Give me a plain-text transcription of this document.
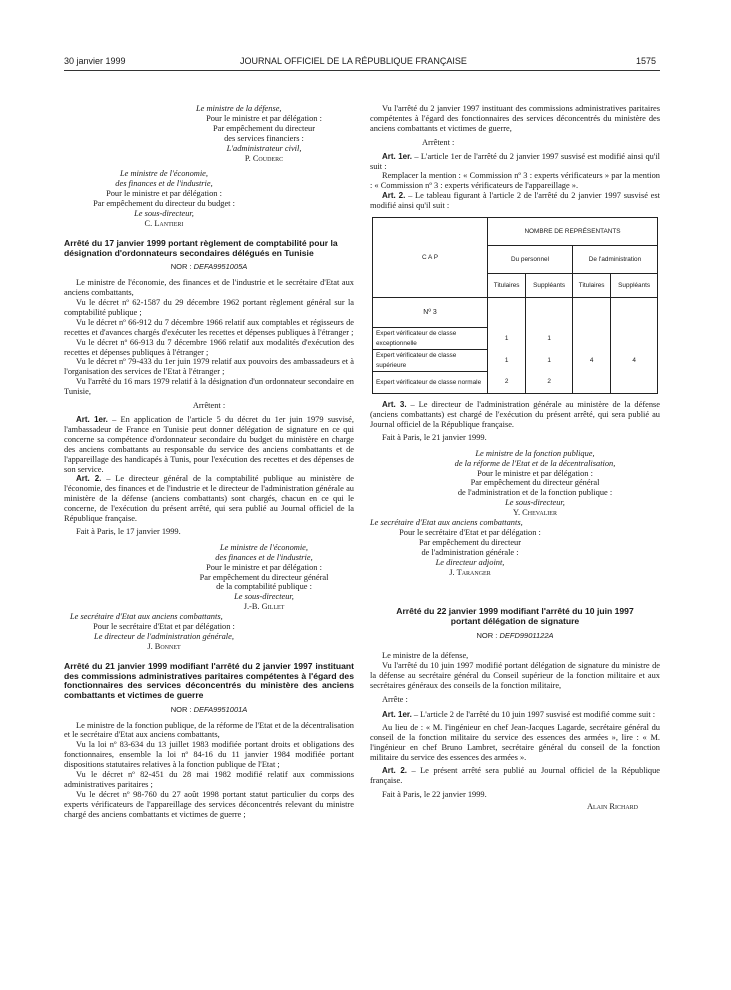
30 janvier 1999	JOURNAL OFFICIEL DE LA RÉPUBLIQUE FRANÇAISE	1575

Le ministre de la défense,

Pour le ministre et par délégation :

Par empêchement du directeur

des services financiers :

L'administrateur civil,

P. Couderc

Le ministre de l'économie,

des finances et de l'industrie,

Pour le ministre et par délégation :

Par empêchement du directeur du budget :

Le sous-directeur,

C. Lantieri

Arrêté du 17 janvier 1999 portant règlement de comptabilité pour la désignation d'ordonnateurs secondaires délégués en Tunisie

NOR : DEFA9951005A

Le ministre de l'économie, des finances et de l'industrie et le secrétaire d'Etat aux anciens combattants,

Vu le décret nº 62-1587 du 29 décembre 1962 portant règlement général sur la comptabilité publique ;

Vu le décret nº 66-912 du 7 décembre 1966 relatif aux comptables et régisseurs de recettes et d'avances chargés d'exécuter les recettes et dépenses publiques à l'étranger ;

Vu le décret nº 66-913 du 7 décembre 1966 relatif aux modalités d'exécution des recettes et dépenses publiques à l'étranger ;

Vu le décret nº 79-433 du 1er juin 1979 relatif aux pouvoirs des ambassadeurs et à l'organisation des services de l'Etat à l'étranger ;

Vu l'arrêté du 16 mars 1979 relatif à la désignation d'un ordonnateur secondaire en Tunisie,

Arrêtent :

Art. 1er. – En application de l'article 5 du décret du 1er juin 1979 susvisé, l'ambassadeur de France en Tunisie peut donner délégation de signature en ce qui concerne sa compétence d'ordonnateur secondaire du budget du ministère en charge des anciens combattants au responsable du service des anciens combattants et de l'appareillage des handicapés à Tunis, pour l'exécution des recettes et des dépenses de son service.

Art. 2. – Le directeur général de la comptabilité publique au ministère de l'économie, des finances et de l'industrie et le directeur de l'administration générale au ministère de la défense (anciens combattants) sont chargés, chacun en ce qui le concerne, de l'exécution du présent arrêté, qui sera publié au Journal officiel de la République française.

Fait à Paris, le 17 janvier 1999.

Le ministre de l'économie,

des finances et de l'industrie,

Pour le ministre et par délégation :

Par empêchement du directeur général

de la comptabilité publique :

Le sous-directeur,

J.-B. Gillet

Le secrétaire d'Etat aux anciens combattants,

Pour le secrétaire d'Etat et par délégation :

Le directeur de l'administration générale,

J. Bonnet

Arrêté du 21 janvier 1999 modifiant l'arrêté du 2 janvier 1997 instituant des commissions administratives paritaires compétentes à l'égard des fonctionnaires des services déconcentrés du ministère des anciens combattants et victimes de guerre

NOR : DEFA9951001A

Le ministre de la fonction publique, de la réforme de l'Etat et de la décentralisation et le secrétaire d'Etat aux anciens combattants,

Vu la loi nº 83-634 du 13 juillet 1983 modifiée portant droits et obligations des fonctionnaires, ensemble la loi nº 84-16 du 11 janvier 1984 modifiée portant dispositions statutaires relatives à la fonction publique de l'Etat ;

Vu le décret nº 82-451 du 28 mai 1982 modifié relatif aux commissions administratives paritaires ;

Vu le décret nº 98-760 du 27 août 1998 portant statut particulier du corps des experts vérificateurs de l'appareillage des services déconcentrés relevant du ministre chargé des anciens combattants et victimes de guerre ;

Vu l'arrêté du 2 janvier 1997 instituant des commissions administratives paritaires compétentes à l'égard des fonctionnaires des services déconcentrés du ministère des anciens combattants et victimes de guerre,

Arrêtent :

Art. 1er. – L'article 1er de l'arrêté du 2 janvier 1997 susvisé est modifié ainsi qu'il suit :

Remplacer la mention : « Commission nº 3 : experts vérificateurs » par la mention : « Commission nº 3 : experts vérificateurs de l'appareillage ».

Art. 2. – Le tableau figurant à l'article 2 de l'arrêté du 2 janvier 1997 susvisé est modifié ainsi qu'il suit :

C A P	NOMBRE DE REPRÉSENTANTS			
	Du personnel		De l'administration	
	Titulaires	Suppléants	Titulaires	Suppléants
Nº 3				
Expert vérificateur de classe exceptionnelle	1	1		
Expert vérificateur de classe supérieure	1	1	4	4
Expert vérificateur de classe normale	2	2		

Art. 3. – Le directeur de l'administration générale au ministère de la défense (anciens combattants) est chargé de l'exécution du présent arrêté, qui sera publié au Journal officiel de la République française.

Fait à Paris, le 21 janvier 1999.

Le ministre de la fonction publique,

de la réforme de l'Etat et de la décentralisation,

Pour le ministre et par délégation :

Par empêchement du directeur général

de l'administration et de la fonction publique :

Le sous-directeur,

Y. Chevalier

Le secrétaire d'Etat aux anciens combattants,

Pour le secrétaire d'Etat et par délégation :

Par empêchement du directeur

de l'administration générale :

Le directeur adjoint,

J. Taranger

Arrêté du 22 janvier 1999 modifiant l'arrêté du 10 juin 1997 portant délégation de signature

NOR : DEFD9901122A

Le ministre de la défense,

Vu l'arrêté du 10 juin 1997 modifié portant délégation de signature du ministre de la défense au secrétaire général du Conseil supérieur de la fonction militaire et aux secrétaires généraux des conseils de la fonction militaire,

Arrête :

Art. 1er. – L'article 2 de l'arrêté du 10 juin 1997 susvisé est modifié comme suit :

Au lieu de : « M. l'ingénieur en chef Jean-Jacques Lagarde, secrétaire général du conseil de la fonction militaire du service des essences des armées », lire : « M. l'ingénieur en chef Bruno Lambret, secrétaire général du conseil de la fonction militaire du service des essences des armées ».

Art. 2. – Le présent arrêté sera publié au Journal officiel de la République française.

Fait à Paris, le 22 janvier 1999.

Alain Richard
